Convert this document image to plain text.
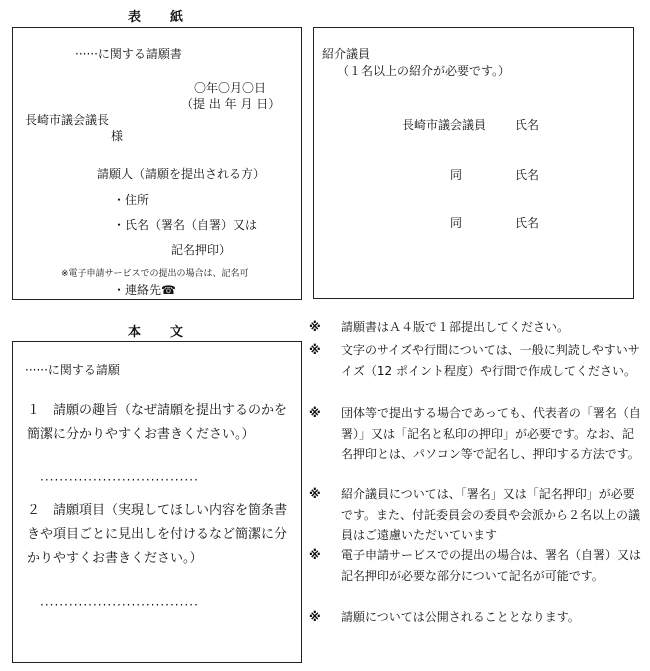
表　紙
······に関する請願書
〇年〇月〇日
（提 出 年 月 日）
長崎市議会議長
様
請願人（請願を提出される方）
・住所
・氏名（署名（自署）又は
記名押印）
※電子申請サービスでの提出の場合は、記名可
・連絡先☎
紹介議員
（１名以上の紹介が必要です。）
長崎市議会議員 氏名
同	氏名
同	氏名
本　文
······に関する請願
１　請願の趣旨（なぜ請願を提出するのかを簡潔に分かりやすくお書きください。）
·································
２　請願項目（実現してほしい内容を箇条書きや項目ごとに見出しを付けるなど簡潔に分かりやすくお書きください。）
·································
※ 請願書はＡ４版で１部提出してください。
※ 文字のサイズや行間については、一般に判読しやすいサイズ（12 ポイント程度）や行間で作成してください。
※ 団体等で提出する場合であっても、代表者の「署名（自署）」又は「記名と私印の押印」が必要です。なお、記名押印とは、パソコン等で記名し、押印する方法です。
※ 紹介議員については、｢署名」又は「記名押印」が必要です。また、付託委員会の委員や会派から２名以上の議員はご遠慮いただいています
※ 電子申請サービスでの提出の場合は、署名（自署）又は記名押印が必要な部分について記名が可能です。
※ 請願については公開されることとなります。
